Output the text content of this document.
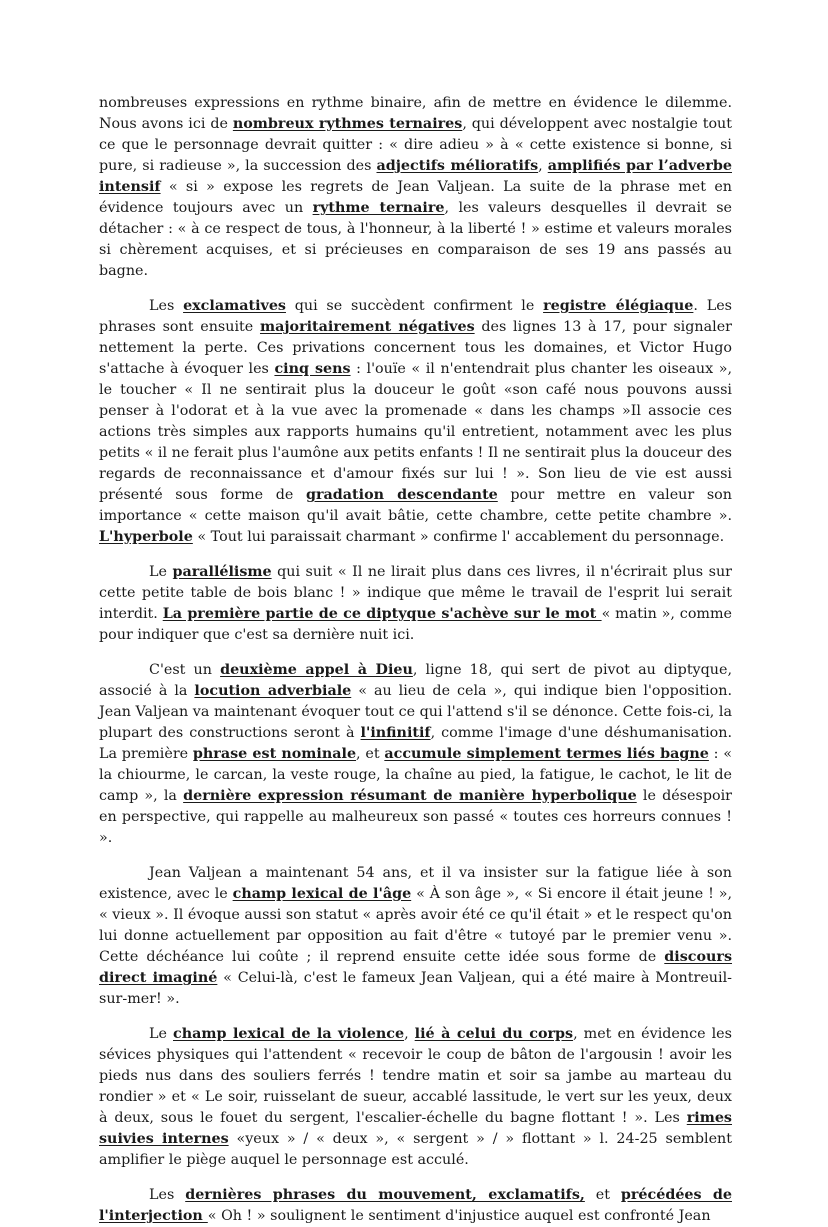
nombreuses expressions en rythme binaire, afin de mettre en évidence le dilemme. Nous avons ici de nombreux rythmes ternaires, qui développent avec nostalgie tout ce que le personnage devrait quitter : « dire adieu » à « cette existence si bonne, si pure, si radieuse », la succession des adjectifs mélioratifs, amplifiés par l’adverbe intensif « si » expose les regrets de Jean Valjean. La suite de la phrase met en évidence toujours avec un rythme ternaire, les valeurs desquelles il devrait se détacher : « à ce respect de tous, à l'honneur, à la liberté ! » estime et valeurs morales si chèrement acquises, et si précieuses en comparaison de ses 19 ans passés au bagne.

Les exclamatives qui se succèdent confirment le registre élégiaque. Les phrases sont ensuite majoritairement négatives des lignes 13 à 17, pour signaler nettement la perte. Ces privations concernent tous les domaines, et Victor Hugo s'attache à évoquer les cinq sens : l'ouïe « il n'entendrait plus chanter les oiseaux », le toucher « Il ne sentirait plus la douceur le goût «son café nous pouvons aussi penser à l'odorat et à la vue avec la promenade « dans les champs »Il associe ces actions très simples aux rapports humains qu'il entretient, notamment avec les plus petits « il ne ferait plus l'aumône aux petits enfants ! Il ne sentirait plus la douceur des regards de reconnaissance et d'amour fixés sur lui ! ». Son lieu de vie est aussi présenté sous forme de gradation descendante pour mettre en valeur son importance « cette maison qu'il avait bâtie, cette chambre, cette petite chambre ». L'hyperbole « Tout lui paraissait charmant » confirme l' accablement du personnage.

Le parallélisme qui suit « Il ne lirait plus dans ces livres, il n'écrirait plus sur cette petite table de bois blanc ! » indique que même le travail de l'esprit lui serait interdit. La première partie de ce diptyque s'achève sur le mot « matin », comme pour indiquer que c'est sa dernière nuit ici.

C'est un deuxième appel à Dieu, ligne 18, qui sert de pivot au diptyque, associé à la locution adverbiale « au lieu de cela », qui indique bien l'opposition. Jean Valjean va maintenant évoquer tout ce qui l'attend s'il se dénonce. Cette fois-ci, la plupart des constructions seront à l'infinitif, comme l'image d'une déshumanisation. La première phrase est nominale, et accumule simplement termes liés bagne : « la chiourme, le carcan, la veste rouge, la chaîne au pied, la fatigue, le cachot, le lit de camp », la dernière expression résumant de manière hyperbolique le désespoir en perspective, qui rappelle au malheureux son passé « toutes ces horreurs connues ! ».

Jean Valjean a maintenant 54 ans, et il va insister sur la fatigue liée à son existence, avec le champ lexical de l'âge « À son âge », « Si encore il était jeune ! », « vieux ». Il évoque aussi son statut « après avoir été ce qu'il était » et le respect qu'on lui donne actuellement par opposition au fait d'être « tutoyé par le premier venu ». Cette déchéance lui coûte ; il reprend ensuite cette idée sous forme de discours direct imaginé « Celui-là, c'est le fameux Jean Valjean, qui a été maire à Montreuil-sur-mer! ».

Le champ lexical de la violence, lié à celui du corps, met en évidence les sévices physiques qui l'attendent « recevoir le coup de bâton de l'argousin ! avoir les pieds nus dans des souliers ferrés ! tendre matin et soir sa jambe au marteau du rondier » et « Le soir, ruisselant de sueur, accablé lassitude, le vert sur les yeux, deux à deux, sous le fouet du sergent, l'escalier-échelle du bagne flottant ! ». Les rimes suivies internes «yeux » / « deux », « sergent » / » flottant » l. 24-25 semblent amplifier le piège auquel le personnage est acculé.

Les dernières phrases du mouvement, exclamatifs, et précédées de l'interjection « Oh ! » soulignent le sentiment d'injustice auquel est confronté Jean
